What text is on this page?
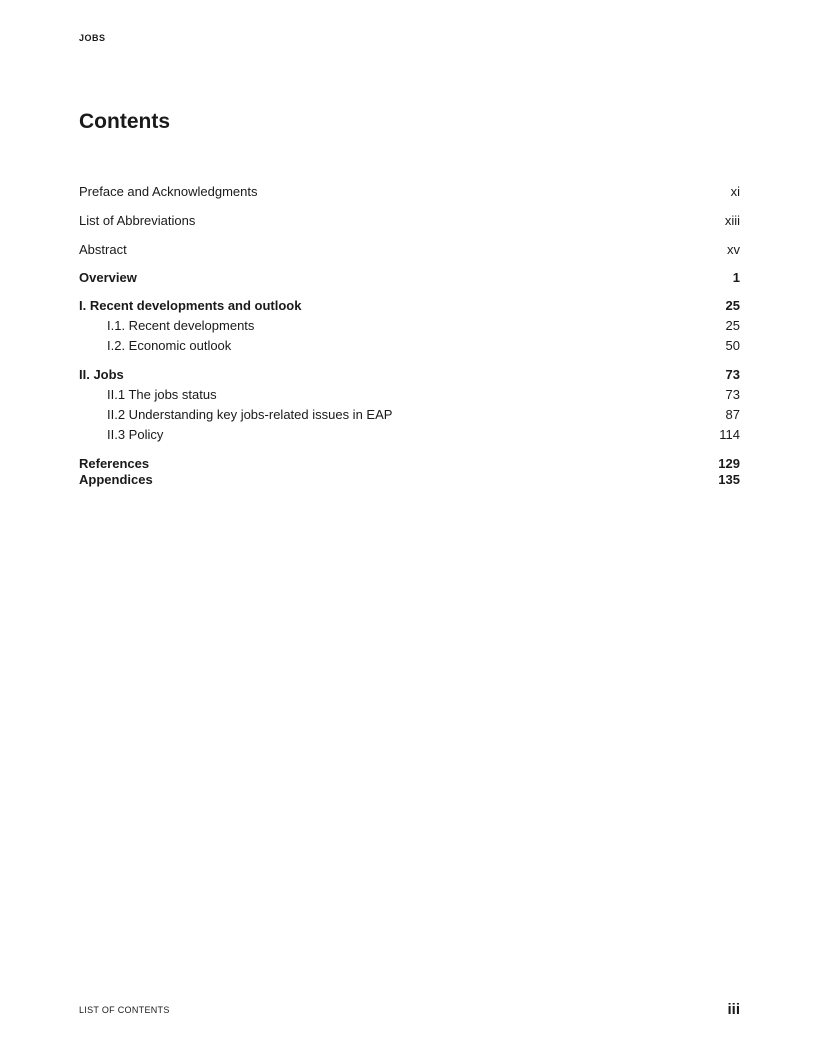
JOBS
Contents
Preface and Acknowledgments	xi
List of Abbreviations	xiii
Abstract	xv
Overview	1
I. Recent developments and outlook	25
I.1. Recent developments	25
I.2. Economic outlook	50
II. Jobs	73
II.1 The jobs status	73
II.2 Understanding key jobs-related issues in EAP	87
II.3 Policy	114
References	129
Appendices	135
LIST OF CONTENTS	iii
